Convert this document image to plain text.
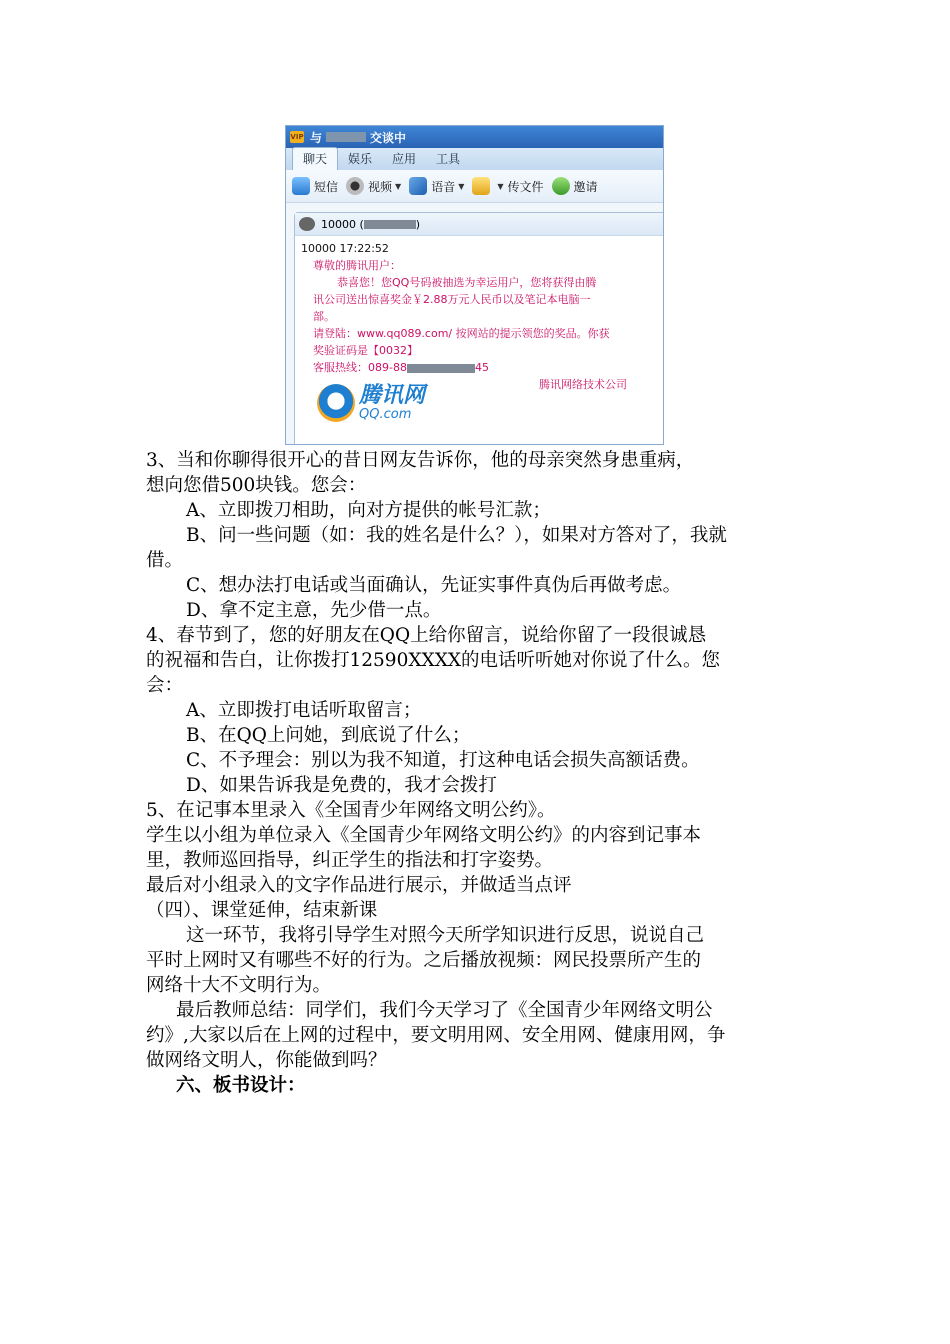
VIP 与	交谈中
聊天	娱乐	应用	工具
短信	视频 ▼	语音 ▼	▼ 传文件	邀请
10000 (	)
10000 17:22:52
尊敬的腾讯用户：
恭喜您！您QQ号码被抽选为幸运用户，您将获得由腾
讯公司送出惊喜奖金￥2.88万元人民币以及笔记本电脑一
部。
请登陆：www.qq089.com/ 按网站的提示领您的奖品。你获
奖验证码是【0032】
客服热线：089-88	45
腾讯网
QQ.com
腾讯网络技术公司

3、当和你聊得很开心的昔日网友告诉你，他的母亲突然身患重病，

想向您借500块钱。您会：

A、立即拨刀相助，向对方提供的帐号汇款；

B、问一些问题（如：我的姓名是什么？），如果对方答对了，我就

借。

C、想办法打电话或当面确认，先证实事件真伪后再做考虑。

D、拿不定主意，先少借一点。

4、春节到了，您的好朋友在QQ上给你留言，说给你留了一段很诚恳

的祝福和告白，让你拨打12590XXXX的电话听听她对你说了什么。您

会：

A、立即拨打电话听取留言；

B、在QQ上问她，到底说了什么；

C、不予理会：别以为我不知道，打这种电话会损失高额话费。

D、如果告诉我是免费的，我才会拨打

5、在记事本里录入《全国青少年网络文明公约》。

学生以小组为单位录入《全国青少年网络文明公约》的内容到记事本

里，教师巡回指导，纠正学生的指法和打字姿势。

最后对小组录入的文字作品进行展示，并做适当点评

（四）、课堂延伸，结束新课

这一环节，我将引导学生对照今天所学知识进行反思，说说自己

平时上网时又有哪些不好的行为。之后播放视频：网民投票所产生的

网络十大不文明行为。

最后教师总结：同学们，我们今天学习了《全国青少年网络文明公

约》,大家以后在上网的过程中，要文明用网、安全用网、健康用网，争

做网络文明人，你能做到吗？

六、板书设计：
